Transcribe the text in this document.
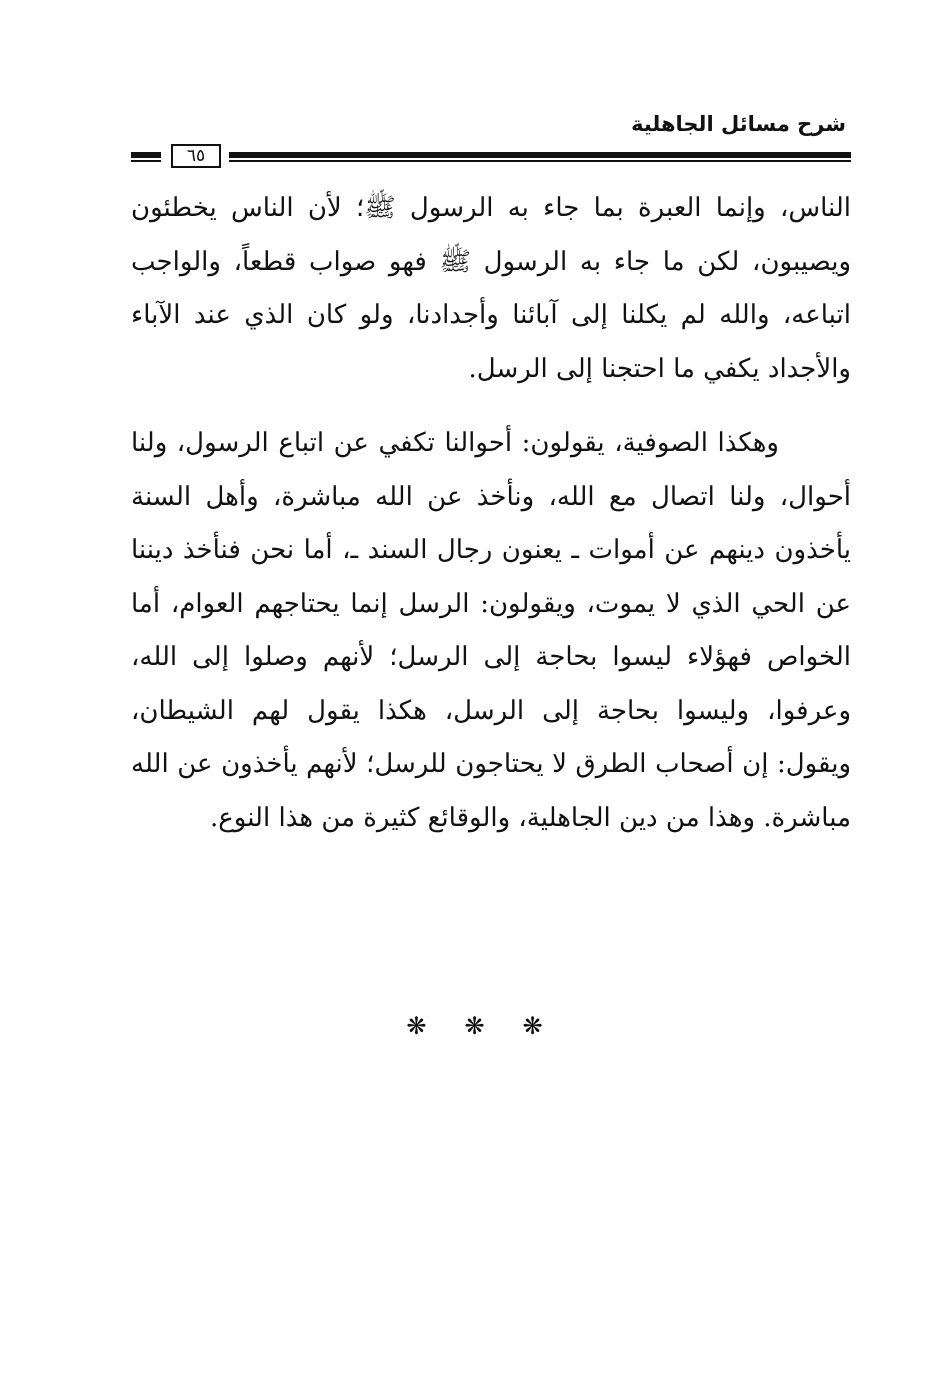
شرح مسائل الجاهلية
٦٥

الناس، وإنما العبرة بما جاء به الرسول ﷺ؛ لأن الناس يخطئون ويصيبون، لكن ما جاء به الرسول ﷺ فهو صواب قطعاً، والواجب اتباعه، والله لم يكلنا إلى آبائنا وأجدادنا، ولو كان الذي عند الآباء والأجداد يكفي ما احتجنا إلى الرسل.

وهكذا الصوفية، يقولون: أحوالنا تكفي عن اتباع الرسول، ولنا أحوال، ولنا اتصال مع الله، ونأخذ عن الله مباشرة، وأهل السنة يأخذون دينهم عن أموات ـ يعنون رجال السند ـ، أما نحن فنأخذ ديننا عن الحي الذي لا يموت، ويقولون: الرسل إنما يحتاجهم العوام، أما الخواص فهؤلاء ليسوا بحاجة إلى الرسل؛ لأنهم وصلوا إلى الله، وعرفوا، وليسوا بحاجة إلى الرسل، هكذا يقول لهم الشيطان، ويقول: إن أصحاب الطرق لا يحتاجون للرسل؛ لأنهم يأخذون عن الله مباشرة. وهذا من دين الجاهلية، والوقائع كثيرة من هذا النوع.

❋❋❋
